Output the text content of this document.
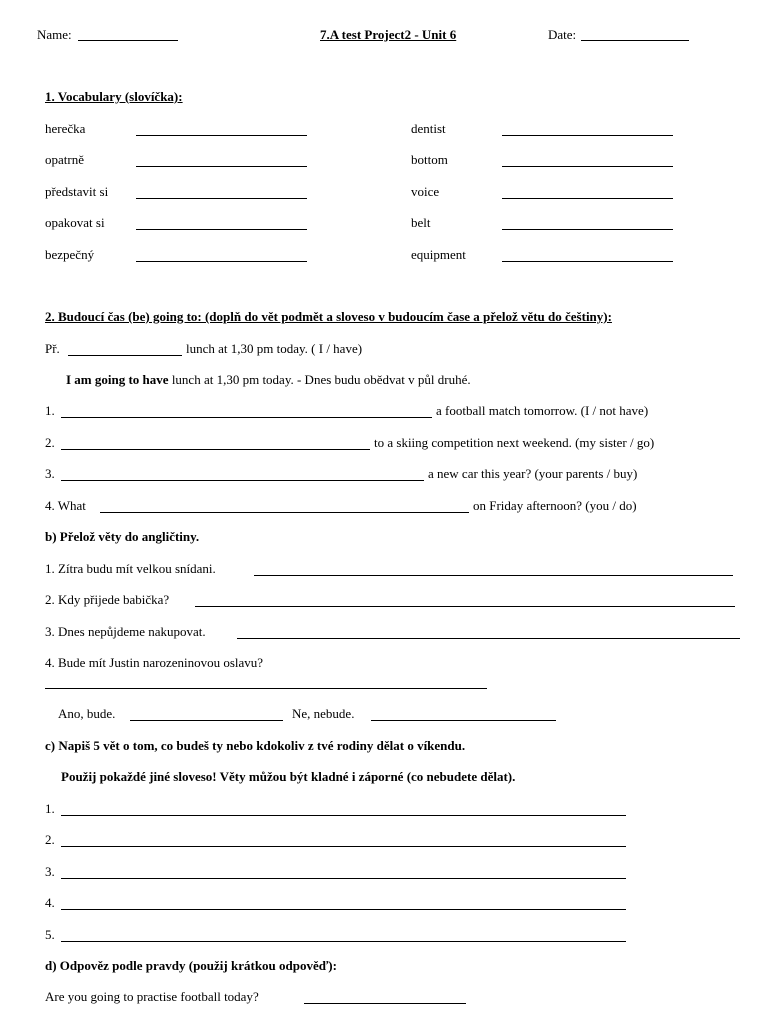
Name:	7.A test Project2 - Unit 6	Date:
1. Vocabulary (slovíčka):
herečka	dentist
opatrně	bottom
představit si	voice
opakovat si	belt
bezpečný	equipment
2. Budoucí čas (be) going to: (doplň do vět podmět a sloveso v budoucím čase a přelož větu do češtiny):
Př.	lunch at 1,30 pm today. ( I / have)
I am going to have lunch at 1,30 pm today. - Dnes budu obědvat v půl druhé.
1.	a football match tomorrow. (I / not have)
2.	to a skiing competition next weekend. (my sister / go)
3.	a new car this year? (your parents / buy)
4. What	on Friday afternoon? (you / do)
b) Přelož věty do angličtiny.
1. Zítra budu mít velkou snídani.
2. Kdy přijede babička?
3. Dnes nepůjdeme nakupovat.
4. Bude mít Justin narozeninovou oslavu?
Ano, bude.	Ne, nebude.
c) Napiš 5 vět o tom, co budeš ty nebo kdokoliv z tvé rodiny dělat o víkendu.
Použij pokaždé jiné sloveso! Věty můžou být kladné i záporné (co nebudete dělat).
1.
2.
3.
4.
5.
d) Odpověz podle pravdy (použij krátkou odpověď):
Are you going to practise football today?
